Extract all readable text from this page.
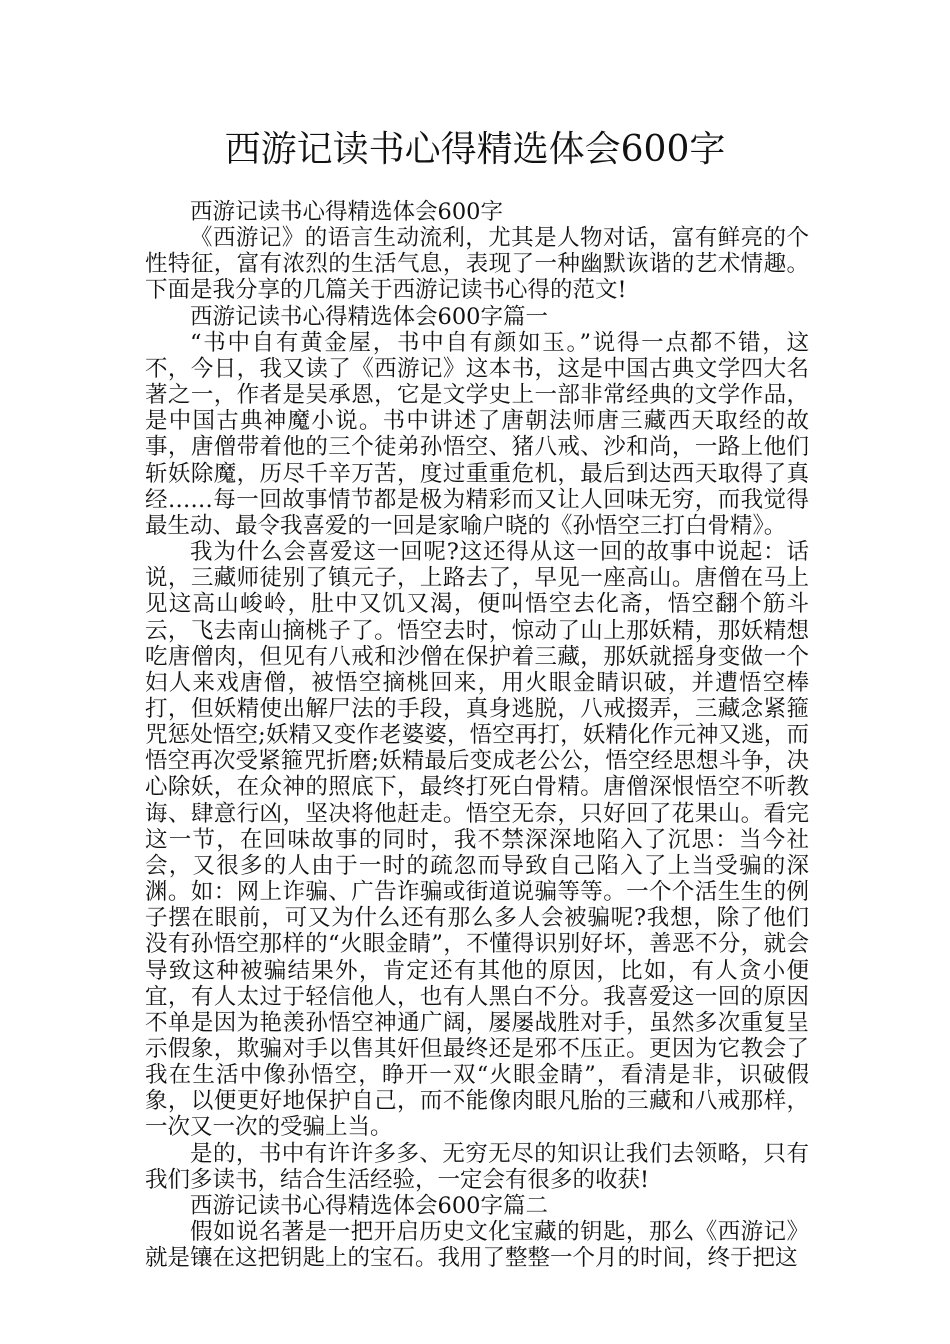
西游记读书心得精选体会600字

西游记读书心得精选体会600字

《西游记》的语言生动流利，尤其是人物对话，富有鲜亮的个性特征，富有浓烈的生活气息，表现了一种幽默诙谐的艺术情趣。下面是我分享的几篇关于西游记读书心得的范文!

西游记读书心得精选体会600字篇一

“书中自有黄金屋，书中自有颜如玉。”说得一点都不错，这不，今日，我又读了《西游记》这本书，这是中国古典文学四大名著之一，作者是吴承恩，它是文学史上一部非常经典的文学作品，是中国古典神魔小说。书中讲述了唐朝法师唐三藏西天取经的故事，唐僧带着他的三个徒弟孙悟空、猪八戒、沙和尚，一路上他们斩妖除魔，历尽千辛万苦，度过重重危机，最后到达西天取得了真经……每一回故事情节都是极为精彩而又让人回味无穷，而我觉得最生动、最令我喜爱的一回是家喻户晓的《孙悟空三打白骨精》。

我为什么会喜爱这一回呢?这还得从这一回的故事中说起：话说，三藏师徒别了镇元子，上路去了，早见一座高山。唐僧在马上见这高山峻岭，肚中又饥又渴，便叫悟空去化斋，悟空翻个筋斗云，飞去南山摘桃子了。悟空去时，惊动了山上那妖精，那妖精想吃唐僧肉，但见有八戒和沙僧在保护着三藏，那妖就摇身变做一个妇人来戏唐僧，被悟空摘桃回来，用火眼金睛识破，并遭悟空棒打，但妖精使出解尸法的手段，真身逃脱，八戒掇弄，三藏念紧箍咒惩处悟空;妖精又变作老婆婆，悟空再打，妖精化作元神又逃，而悟空再次受紧箍咒折磨;妖精最后变成老公公，悟空经思想斗争，决心除妖，在众神的照底下，最终打死白骨精。唐僧深恨悟空不听教诲、肆意行凶，坚决将他赶走。悟空无奈，只好回了花果山。看完这一节，在回味故事的同时，我不禁深深地陷入了沉思：当今社会，又很多的人由于一时的疏忽而导致自己陷入了上当受骗的深渊。如：网上诈骗、广告诈骗或街道说骗等等。一个个活生生的例子摆在眼前，可又为什么还有那么多人会被骗呢?我想，除了他们没有孙悟空那样的“火眼金睛”，不懂得识别好坏，善恶不分，就会导致这种被骗结果外，肯定还有其他的原因，比如，有人贪小便宜，有人太过于轻信他人，也有人黑白不分。我喜爱这一回的原因不单是因为艳羡孙悟空神通广阔，屡屡战胜对手，虽然多次重复呈示假象，欺骗对手以售其奸但最终还是邪不压正。更因为它教会了我在生活中像孙悟空，睁开一双“火眼金睛”，看清是非，识破假象，以便更好地保护自己，而不能像肉眼凡胎的三藏和八戒那样，一次又一次的受骗上当。

是的，书中有许许多多、无穷无尽的知识让我们去领略，只有我们多读书，结合生活经验，一定会有很多的收获!

西游记读书心得精选体会600字篇二

假如说名著是一把开启历史文化宝藏的钥匙，那么《西游记》就是镶在这把钥匙上的宝石。我用了整整一个月的时间，终于把这
